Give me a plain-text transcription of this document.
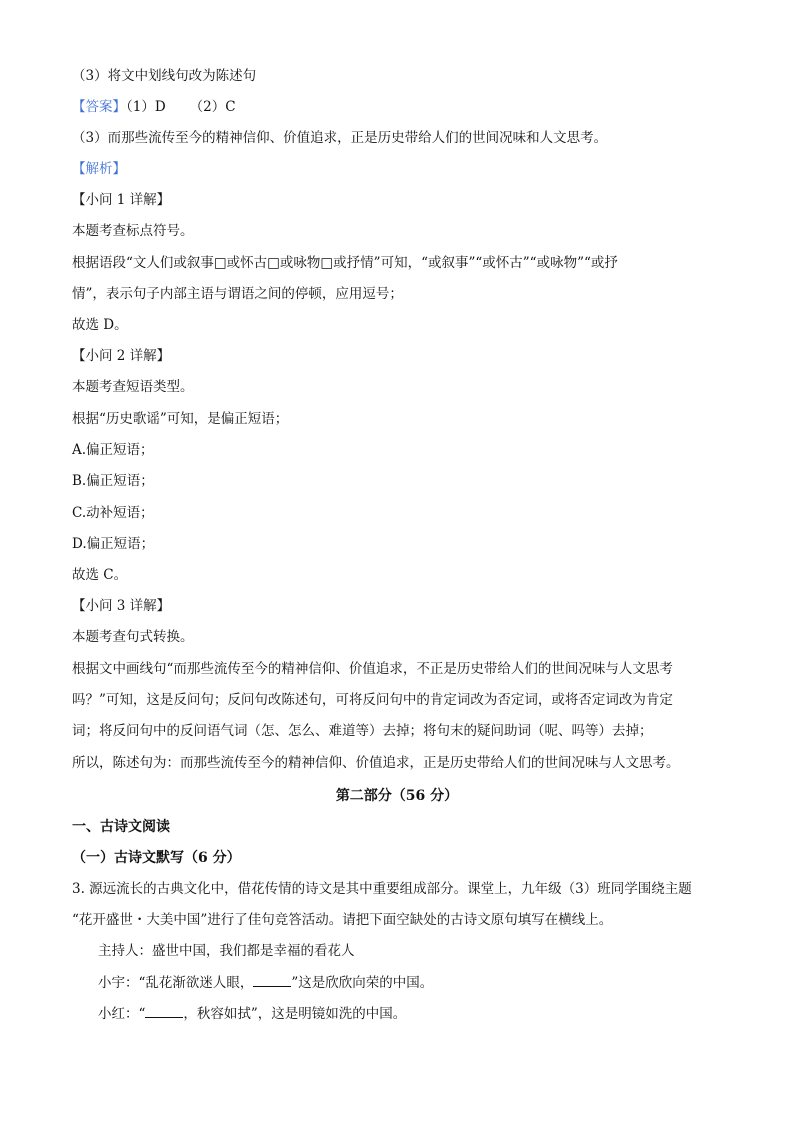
（3）将文中划线句改为陈述句
【答案】（1）D （2）C
（3）而那些流传至今的精神信仰、价值追求，正是历史带给人们的世间况味和人文思考。
【解析】
【小问 1 详解】
本题考查标点符号。
根据语段“文人们或叙事□或怀古□或咏物□或抒情”可知，“或叙事”“或怀古”“或咏物”“或抒
情”，表示句子内部主语与谓语之间的停顿，应用逗号；
故选 D。
【小问 2 详解】
本题考查短语类型。
根据“历史歌谣”可知，是偏正短语；
A.偏正短语；
B.偏正短语；
C.动补短语；
D.偏正短语；
故选 C。
【小问 3 详解】
本题考查句式转换。
根据文中画线句“而那些流传至今的精神信仰、价值追求，不正是历史带给人们的世间况味与人文思考
吗？”可知，这是反问句；反问句改陈述句，可将反问句中的肯定词改为否定词，或将否定词改为肯定
词；将反问句中的反问语气词（怎、怎么、难道等）去掉；将句末的疑问助词（呢、吗等）去掉；
所以，陈述句为：而那些流传至今的精神信仰、价值追求，正是历史带给人们的世间况味与人文思考。
第二部分（56 分）
一、古诗文阅读
（一）古诗文默写（6 分）
3. 源远流长的古典文化中，借花传情的诗文是其中重要组成部分。课堂上，九年级（3）班同学围绕主题
“花开盛世・大美中国”进行了佳句竞答活动。请把下面空缺处的古诗文原句填写在横线上。
主持人：盛世中国，我们都是幸福的看花人
小宇：“乱花渐欲迷人眼，	”这是欣欣向荣的中国。
小红：“	，秋容如拭”，这是明镜如洗的中国。
